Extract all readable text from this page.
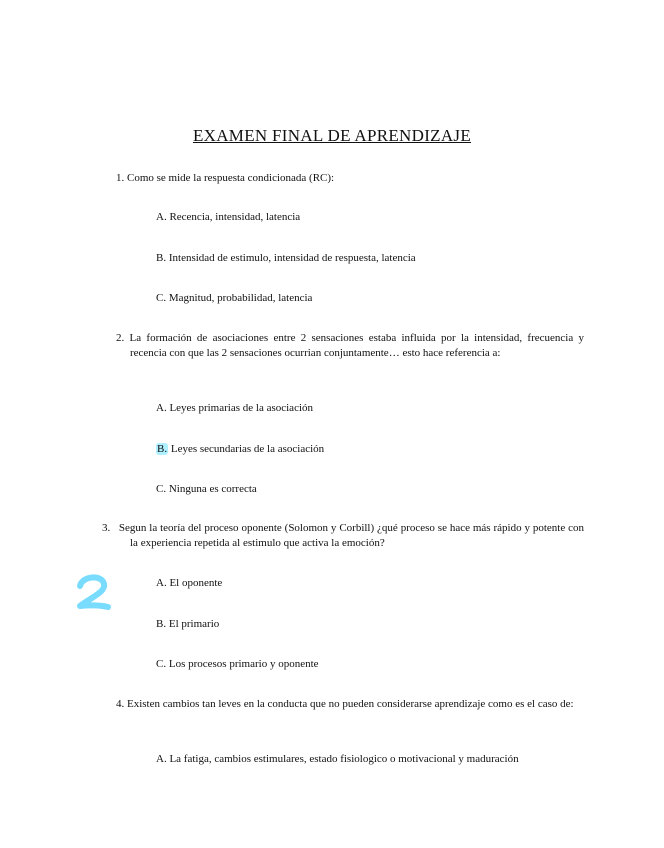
EXAMEN FINAL DE APRENDIZAJE
1. Como se mide la respuesta condicionada (RC):
A. Recencia, intensidad, latencia
B. Intensidad de estimulo, intensidad de respuesta, latencia
C. Magnitud, probabilidad, latencia
2. La formación de asociaciones entre 2 sensaciones estaba influida por la intensidad, frecuencia y recencia con que las 2 sensaciones ocurrian conjuntamente… esto hace referencia a:
A. Leyes primarias de la asociación
B. Leyes secundarias de la asociación
C. Ninguna es correcta
3. Segun la teoría del proceso oponente (Solomon y Corbill) ¿qué proceso se hace más rápido y potente con la experiencia repetida al estimulo que activa la emoción?
A. El oponente
B. El primario
C. Los procesos primario y oponente
4. Existen cambios tan leves en la conducta que no pueden considerarse aprendizaje como es el caso de:
A. La fatiga, cambios estimulares, estado fisiologico o motivacional y maduración
